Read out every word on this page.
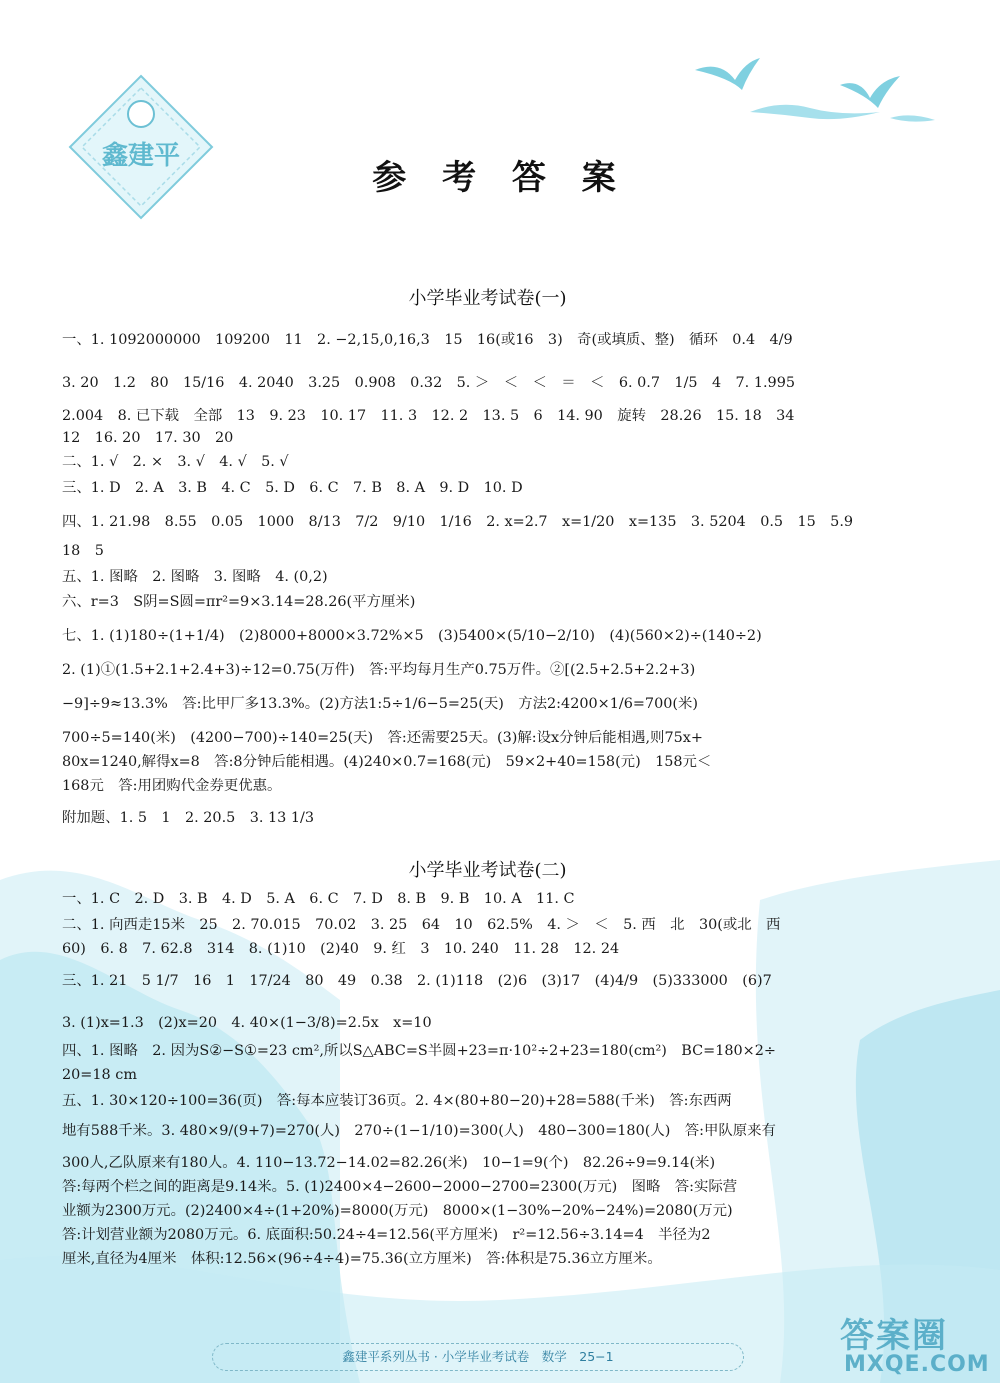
鑫建平
参 考 答 案
小学毕业考试卷(一)
一、1. 1092000000　109200　11　2. −2,15,0,16,3　15　16(或16　3)　奇(或填质、整)　循环　0.4̇　4/9
3. 20　1.2　80　15/16　4. 2040　3.25　0.908　0.32　5. ＞　＜　＜　＝　＜　6. 0.7　1/5　4　7. 1.995
2.004　8. 已下载　全部　13　9. 23　10. 17　11. 3　12. 2　13. 5　6　14. 90　旋转　28.26　15. 18　34
12　16. 20　17. 30　20
二、1. √　2. ×　3. √　4. √　5. √
三、1. D　2. A　3. B　4. C　5. D　6. C　7. B　8. A　9. D　10. D
四、1. 21.98　8.55　0.05　1000　8/13　7/2　9/10　1/16　2. x=2.7　x=1/20　x=135　3. 5204　0.5　15　5.9
18　5
五、1. 图略　2. 图略　3. 图略　4. (0,2)
六、r=3　S阴=S圆=πr²=9×3.14=28.26(平方厘米)
七、1. (1)180÷(1+1/4)　(2)8000+8000×3.72%×5　(3)5400×(5/10−2/10)　(4)(560×2)÷(140÷2)
2. (1)①(1.5+2.1+2.4+3)÷12=0.75(万件)　答:平均每月生产0.75万件。②[(2.5+2.5+2.2+3)
−9]÷9≈13.3%　答:比甲厂多13.3%。(2)方法1:5÷1/6−5=25(天)　方法2:4200×1/6=700(米)
700÷5=140(米)　(4200−700)÷140=25(天)　答:还需要25天。(3)解:设x分钟后能相遇,则75x+
80x=1240,解得x=8　答:8分钟后能相遇。(4)240×0.7=168(元)　59×2+40=158(元)　158元＜
168元　答:用团购代金券更优惠。
附加题、1. 5　1　2. 20.5　3. 13 1/3
小学毕业考试卷(二)
一、1. C　2. D　3. B　4. D　5. A　6. C　7. D　8. B　9. B　10. A　11. C
二、1. 向西走15米　25　2. 70.015　70.02　3. 25　64　10　62.5%　4. ＞　＜　5. 西　北　30(或北　西
60)　6. 8　7. 62.8　314　8. (1)10　(2)40　9. 红　3　10. 240　11. 28　12. 24
三、1. 21　5 1/7　16　1　17/24　80　49　0.38　2. (1)118　(2)6　(3)17　(4)4/9　(5)333000　(6)7
3. (1)x=1.3　(2)x=20　4. 40×(1−3/8)=2.5x　x=10
四、1. 图略　2. 因为S②−S①=23 cm²,所以S△ABC=S半圆+23=π·10²÷2+23=180(cm²)　BC=180×2÷
20=18 cm
五、1. 30×120÷100=36(页)　答:每本应装订36页。2. 4×(80+80−20)+28=588(千米)　答:东西两
地有588千米。3. 480×9/(9+7)=270(人)　270÷(1−1/10)=300(人)　480−300=180(人)　答:甲队原来有
300人,乙队原来有180人。4. 110−13.72−14.02=82.26(米)　10−1=9(个)　82.26÷9=9.14(米)
答:每两个栏之间的距离是9.14米。5. (1)2400×4−2600−2000−2700=2300(万元)　图略　答:实际营
业额为2300万元。(2)2400×4÷(1+20%)=8000(万元)　8000×(1−30%−20%−24%)=2080(万元)
答:计划营业额为2080万元。6. 底面积:50.24÷4=12.56(平方厘米)　r²=12.56÷3.14=4　半径为2
厘米,直径为4厘米　体积:12.56×(96÷4÷4)=75.36(立方厘米)　答:体积是75.36立方厘米。
鑫建平系列丛书 · 小学毕业考试卷　数学　25−1
答案圈
MXQE.COM
